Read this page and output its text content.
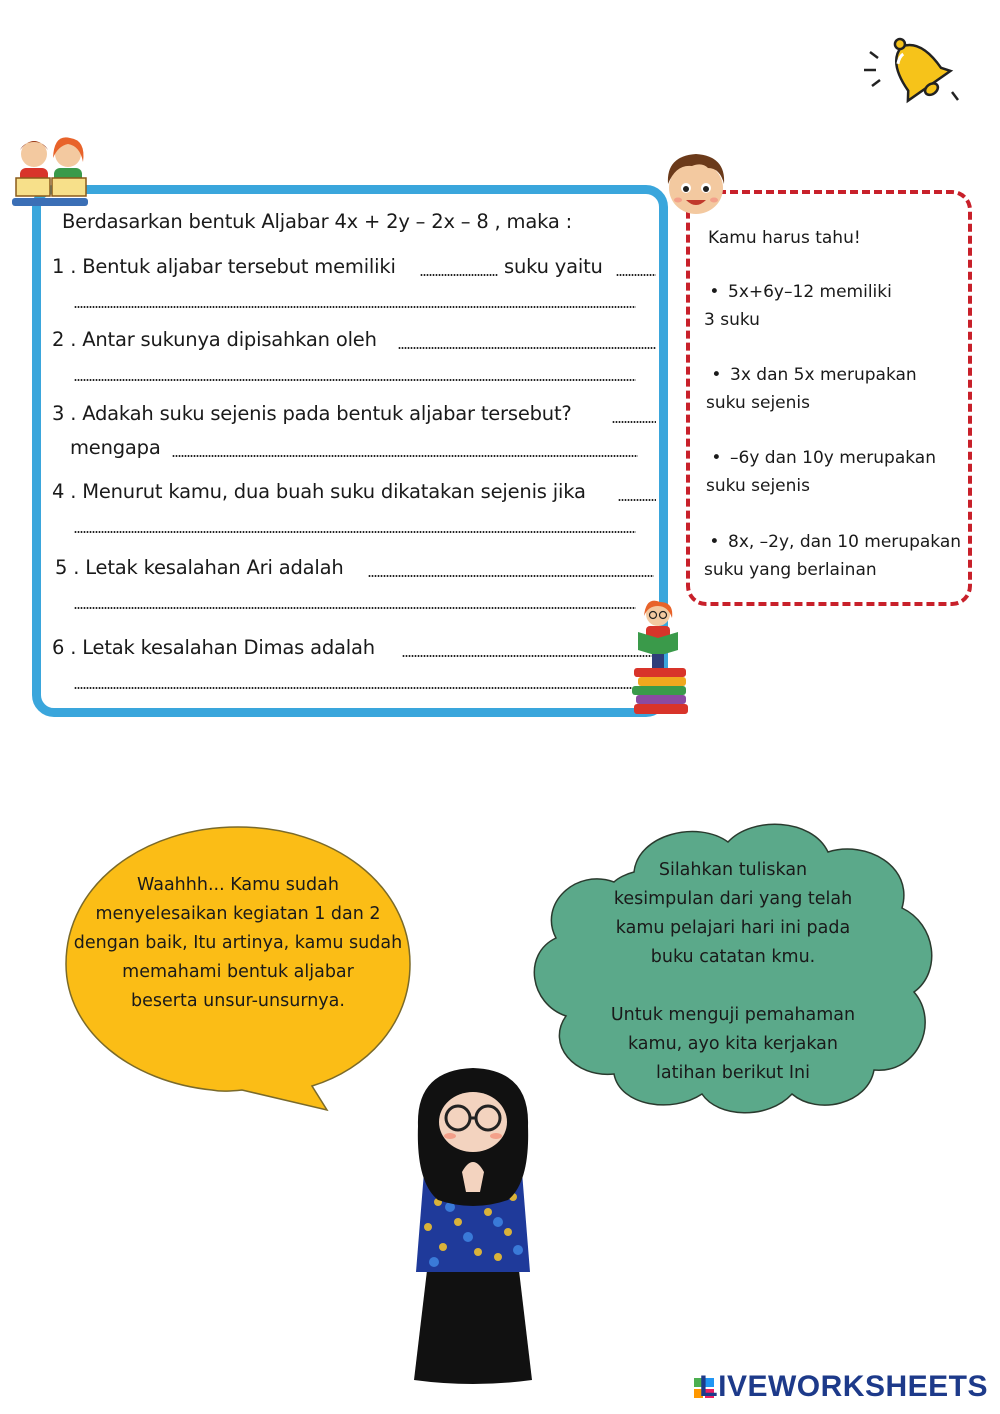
Berdasarkan bentuk Aljabar 4x + 2y – 2x – 8 , maka :
1 . Bentuk aljabar tersebut memiliki	suku yaitu
2 . Antar sukunya dipisahkan oleh
3 . Adakah suku sejenis pada bentuk aljabar tersebut?
mengapa
4 . Menurut kamu, dua buah suku dikatakan sejenis jika
5 . Letak kesalahan Ari adalah
6 . Letak kesalahan Dimas adalah
Kamu harus tahu!
• 5x+6y–12 memiliki
3 suku
• 3x dan 5x merupakan
suku sejenis
• –6y dan 10y merupakan
suku sejenis
• 8x, –2y, dan 10 merupakan
suku yang berlainan
Waahhh... Kamu sudah
menyelesaikan kegiatan 1 dan 2
dengan baik, Itu artinya, kamu sudah
memahami bentuk aljabar
beserta unsur-unsurnya.
Silahkan tuliskan
kesimpulan dari yang telah
kamu pelajari hari ini pada
buku catatan kmu.
Untuk menguji pemahaman
kamu, ayo kita kerjakan
latihan berikut Ini
LIVEWORKSHEETS
